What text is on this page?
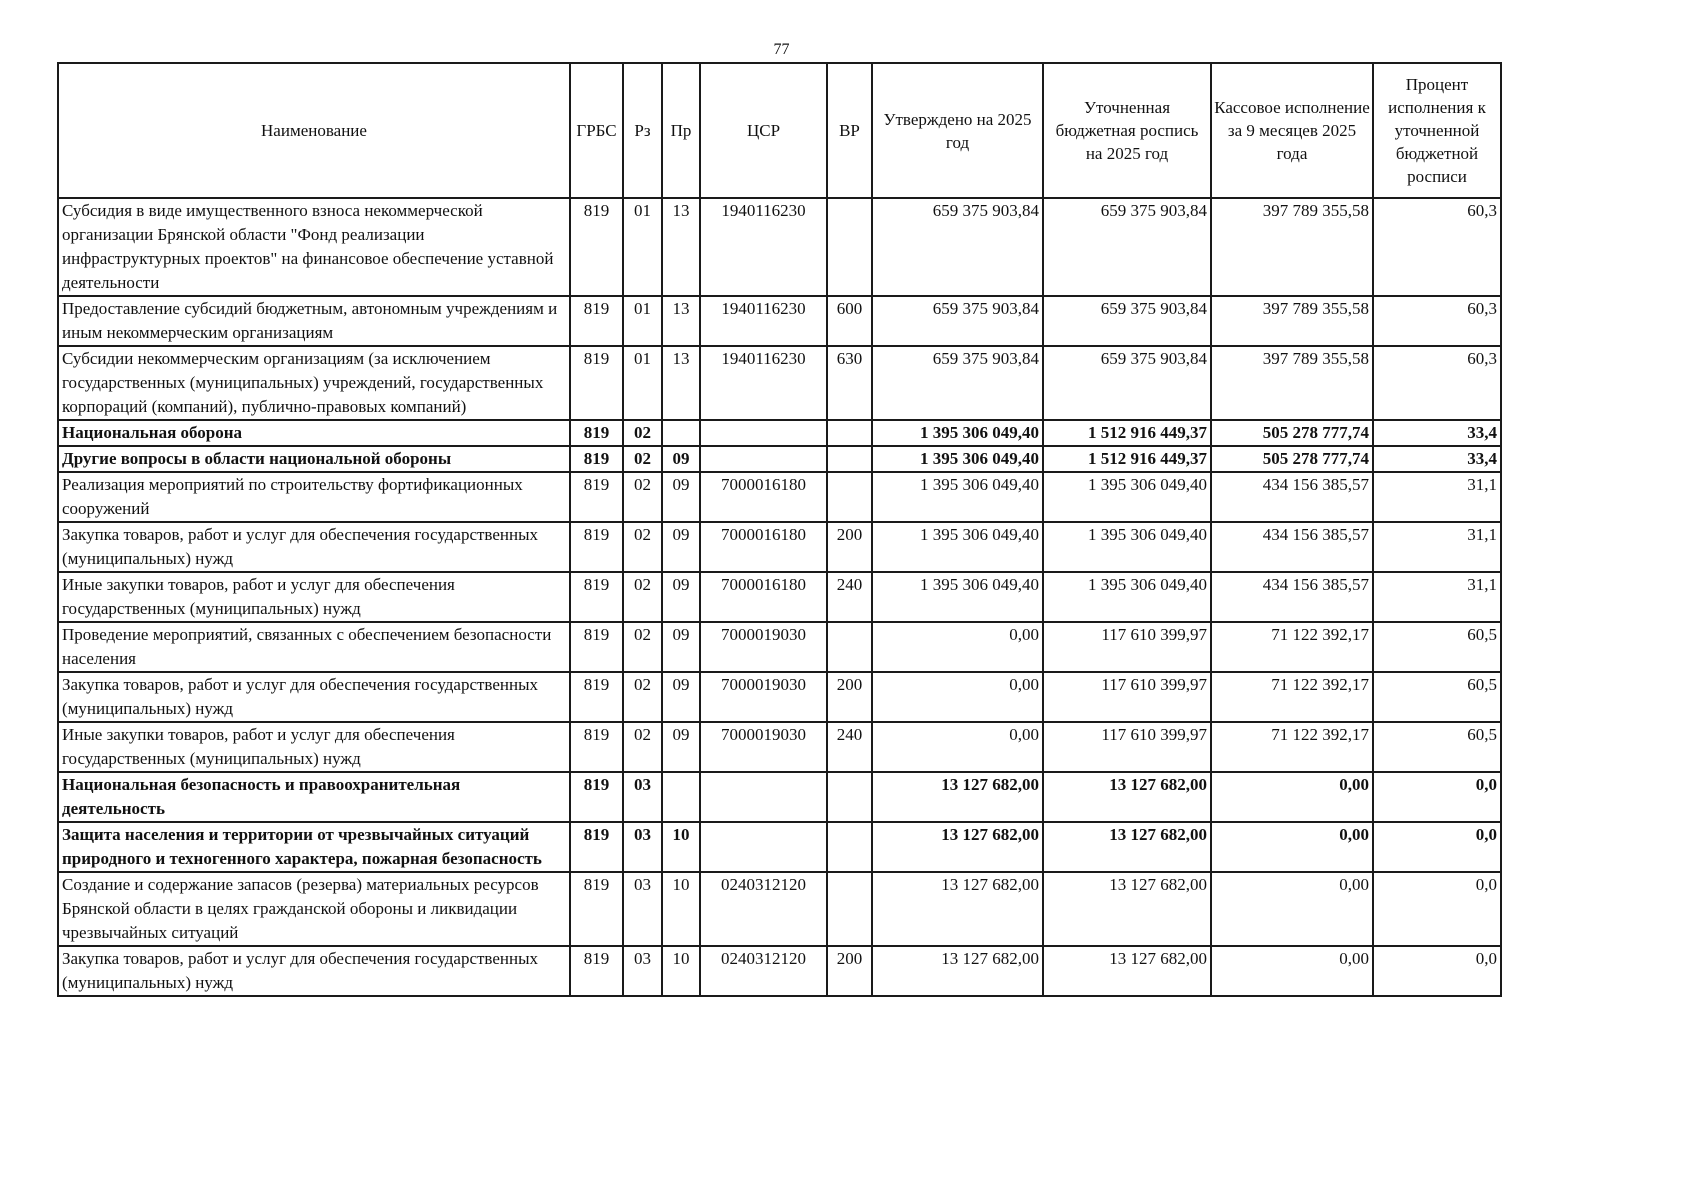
77
Наименование	ГРБС	Рз	Пр	ЦСР	ВР	Утверждено на 2025 год	Уточненная бюджетная роспись на 2025 год	Кассовое исполнение за 9 месяцев 2025 года	Процент исполнения к уточненной бюджетной росписи
Субсидия в виде имущественного взноса некоммерческой организации Брянской области "Фонд реализации инфраструктурных проектов" на финансовое обеспечение уставной деятельности	819	01	13	1940116230		659 375 903,84	659 375 903,84	397 789 355,58	60,3
Предоставление субсидий бюджетным, автономным учреждениям и иным некоммерческим организациям	819	01	13	1940116230	600	659 375 903,84	659 375 903,84	397 789 355,58	60,3
Субсидии некоммерческим организациям (за исключением государственных (муниципальных) учреждений, государственных корпораций (компаний), публично-правовых компаний)	819	01	13	1940116230	630	659 375 903,84	659 375 903,84	397 789 355,58	60,3
Национальная оборона	819	02				1 395 306 049,40	1 512 916 449,37	505 278 777,74	33,4
Другие вопросы в области национальной обороны	819	02	09			1 395 306 049,40	1 512 916 449,37	505 278 777,74	33,4
Реализация мероприятий по строительству фортификационных сооружений	819	02	09	7000016180		1 395 306 049,40	1 395 306 049,40	434 156 385,57	31,1
Закупка товаров, работ и услуг для обеспечения государственных (муниципальных) нужд	819	02	09	7000016180	200	1 395 306 049,40	1 395 306 049,40	434 156 385,57	31,1
Иные закупки товаров, работ и услуг для обеспечения государственных (муниципальных) нужд	819	02	09	7000016180	240	1 395 306 049,40	1 395 306 049,40	434 156 385,57	31,1
Проведение мероприятий, связанных с обеспечением безопасности населения	819	02	09	7000019030		0,00	117 610 399,97	71 122 392,17	60,5
Закупка товаров, работ и услуг для обеспечения государственных (муниципальных) нужд	819	02	09	7000019030	200	0,00	117 610 399,97	71 122 392,17	60,5
Иные закупки товаров, работ и услуг для обеспечения государственных (муниципальных) нужд	819	02	09	7000019030	240	0,00	117 610 399,97	71 122 392,17	60,5
Национальная безопасность и правоохранительная деятельность	819	03				13 127 682,00	13 127 682,00	0,00	0,0
Защита населения и территории от чрезвычайных ситуаций природного и техногенного характера, пожарная безопасность	819	03	10			13 127 682,00	13 127 682,00	0,00	0,0
Создание и содержание запасов (резерва) материальных ресурсов Брянской области в целях гражданской обороны и ликвидации чрезвычайных ситуаций	819	03	10	0240312120		13 127 682,00	13 127 682,00	0,00	0,0
Закупка товаров, работ и услуг для обеспечения государственных (муниципальных) нужд	819	03	10	0240312120	200	13 127 682,00	13 127 682,00	0,00	0,0
